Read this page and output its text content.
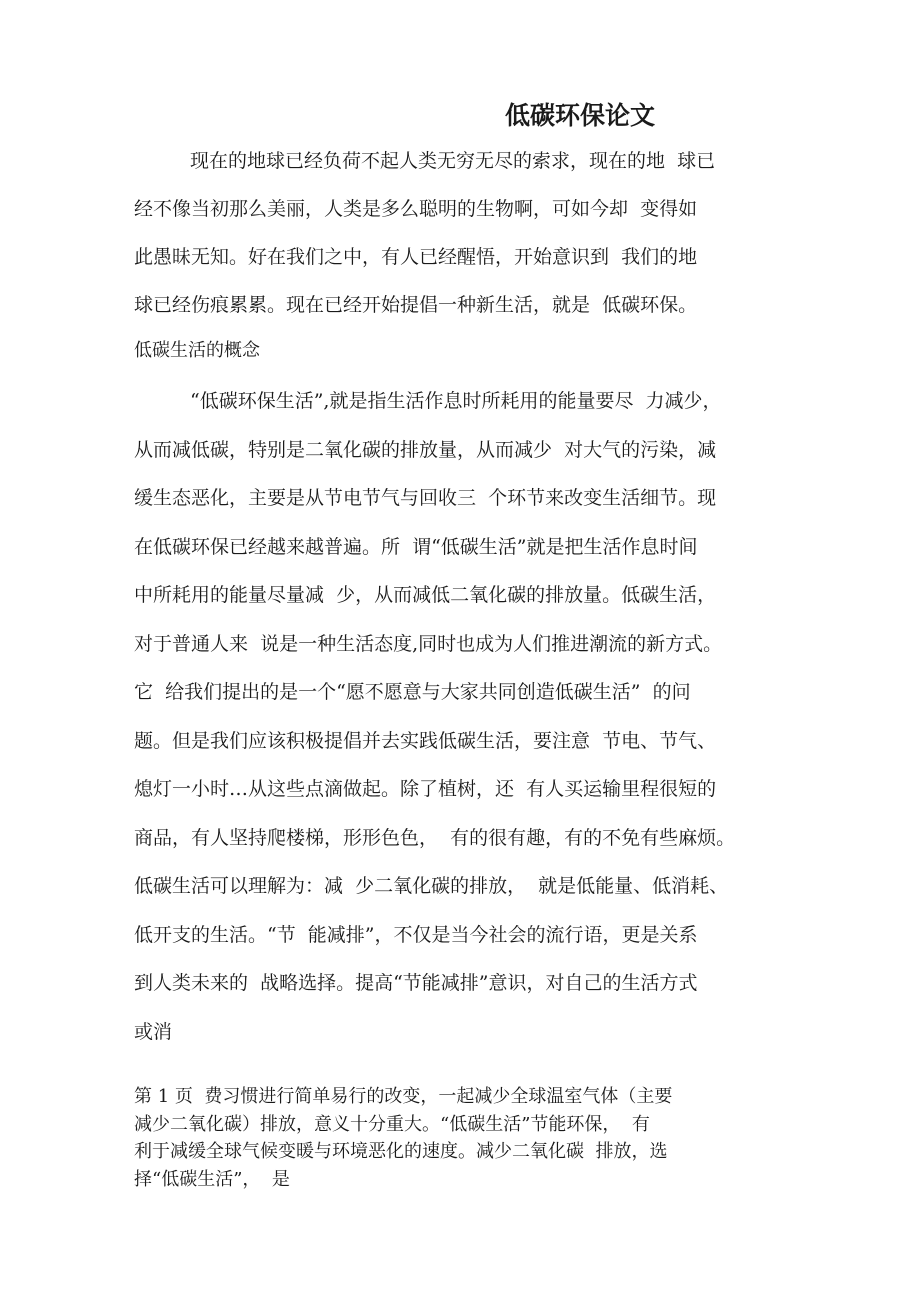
低碳环保论文

现在的地球已经负荷不起人类无穷无尽的索求，现在的地  球已

经不像当初那么美丽，人类是多么聪明的生物啊，可如今却  变得如

此愚昧无知。好在我们之中，有人已经醒悟，开始意识到  我们的地

球已经伤痕累累。现在已经开始提倡一种新生活，就是  低碳环保。

低碳生活的概念

“低碳环保生活”,就是指生活作息时所耗用的能量要尽  力减少，

从而减低碳，特别是二氧化碳的排放量，从而减少  对大气的污染，减

缓生态恶化，主要是从节电节气与回收三  个环节来改变生活细节。现

在低碳环保已经越来越普遍。所  谓“低碳生活”就是把生活作息时间

中所耗用的能量尽量减  少，从而减低二氧化碳的排放量。低碳生活，

对于普通人来  说是一种生活态度,同时也成为人们推进潮流的新方式。

它  给我们提出的是一个“愿不愿意与大家共同创造低碳生活”  的问

题。但是我们应该积极提倡并去实践低碳生活，要注意  节电、节气、

熄灯一小时…从这些点滴做起。除了植树，还  有人买运输里程很短的

商品，有人坚持爬楼梯，形形色色，  有的很有趣，有的不免有些麻烦。

低碳生活可以理解为：减  少二氧化碳的排放，  就是低能量、低消耗、

低开支的生活。“节  能减排”，不仅是当今社会的流行语，更是关系

到人类未来的  战略选择。提高“节能减排”意识，对自己的生活方式

或消

第 1 页  费习惯进行简单易行的改变，一起减少全球温室气体（主要

减少二氧化碳）排放，意义十分重大。“低碳生活”节能环保，  有

利于减缓全球气候变暖与环境恶化的速度。减少二氧化碳  排放，选

择“低碳生活”，  是
